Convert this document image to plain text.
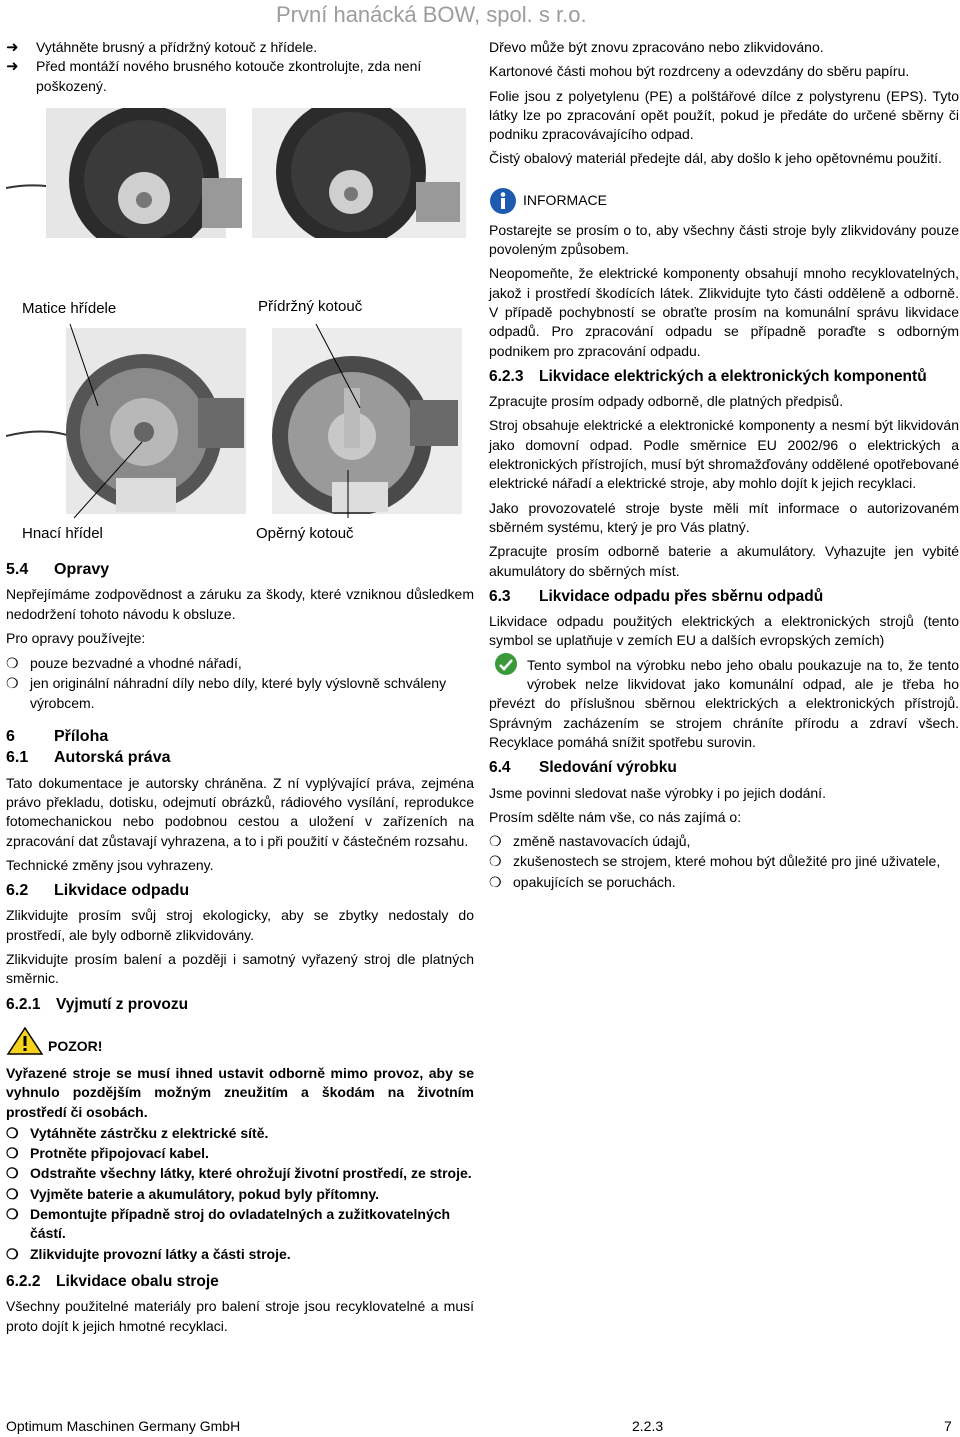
První hanácká BOW, spol. s r.o.
➜	Vytáhněte brusný a přídržný kotouč z hřídele.
➜	Před montáží nového brusného kotouče zkontrolujte, zda není poškozený.
Matice hřídele	Přídržný kotouč
Hnací hřídel	Opěrný kotouč
5.4	Opravy

Nepřejímáme zodpovědnost a záruku za škody, které vzniknou důsledkem nedodržení tohoto návodu k obsluze.

Pro opravy používejte:

❍ pouze bezvadné a vhodné nářadí,
❍ jen originální náhradní díly nebo díly, které byly výslovně schváleny výrobcem.
6	Příloha
6.1	Autorská práva

Tato dokumentace je autorsky chráněna. Z ní vyplývající práva, zejména právo překladu, dotisku, odejmutí obrázků, rádiového vysílání, reprodukce fotomechanickou nebo podobnou cestou a uložení v zařízeních na zpracování dat zůstavají vyhrazena, a to i při použití v částečném rozsahu.

Technické změny jsou vyhrazeny.

6.2	Likvidace odpadu

Zlikvidujte prosím svůj stroj ekologicky, aby se zbytky nedostaly do prostředí, ale byly odborně zlikvidovány.

Zlikvidujte prosím balení a později i samotný vyřazený stroj dle platných směrnic.

6.2.1	Vyjmutí z provozu
POZOR!

Vyřazené stroje se musí ihned ustavit odborně mimo provoz, aby se vyhnulo pozdějším možným zneužitím a škodám na životním prostředí či osobách.

❍ Vytáhněte zástrčku z elektrické sítě.
❍ Protněte připojovací kabel.
❍ Odstraňte všechny látky, které ohrožují životní prostředí, ze stroje.
❍ Vyjměte baterie a akumulátory, pokud byly přítomny.
❍ Demontujte případně stroj do ovladatelných a zužitkovatelných částí.
❍ Zlikvidujte provozní látky a části stroje.
6.2.2	Likvidace obalu stroje

Všechny použitelné materiály pro balení stroje jsou recyklovatelné a musí proto dojít k jejich hmotné recyklaci.

Dřevo může být znovu zpracováno nebo zlikvidováno.

Kartonové části mohou být rozdrceny a odevzdány do sběru papíru.

Folie jsou z polyetylenu (PE) a polštářové dílce z polystyrenu (EPS). Tyto látky lze po zpracování opět použít, pokud je předáte do určené sběrny či podniku zpracovávajícího odpad.

Čistý obalový materiál předejte dál, aby došlo k jeho opětovnému použití.

INFORMACE

Postarejte se prosím o to, aby všechny části stroje byly zlikvidovány pouze povoleným způsobem.

Neopomeňte, že elektrické komponenty obsahují mnoho recyklovatelných, jakož i prostředí škodících látek. Zlikvidujte tyto části odděleně a odborně. V případě pochybností se obraťte prosím na komunální správu likvidace odpadů. Pro zpracování odpadu se případně poraďte s odborným podnikem pro zpracování odpadu.

6.2.3	Likvidace elektrických a elektronických komponentů

Zpracujte prosím odpady odborně, dle platných předpisů.

Stroj obsahuje elektrické a elektronické komponenty a nesmí být likvidován jako domovní odpad. Podle směrnice EU 2002/96 o elektrických a elektronických přístrojích, musí být shromažďovány oddělené opotřebované elektrické nářadí a elektrické stroje, aby mohlo dojít k jejich recyklaci.

Jako provozovatelé stroje byste měli mít informace o autorizovaném sběrném systému, který je pro Vás platný.

Zpracujte prosím odborně baterie a akumulátory. Vyhazujte jen vybité akumulátory do sběrných míst.

6.3	Likvidace odpadu přes sběrnu odpadů

Likvidace odpadu použitých elektrických a elektronických strojů (tento symbol se uplatňuje v zemích EU a dalších evropských zemích)

Tento symbol na výrobku nebo jeho obalu poukazuje na to, že tento výrobek nelze likvidovat jako komunální odpad, ale je třeba ho převézt do příslušnou sběrnou elektrických a elektronických přístrojů. Správným zacházením se strojem chráníte přírodu a zdraví všech. Recyklace pomáhá snížit spotřebu surovin.

6.4	Sledování výrobku

Jsme povinni sledovat naše výrobky i po jejich dodání.

Prosím sdělte nám vše, co nás zajímá o:

❍ změně nastavovacích údajů,
❍ zkušenostech se strojem, které mohou být důležité pro jiné uživatele,
❍ opakujících se poruchách.
Optimum Maschinen Germany GmbH	2.2.3	7
